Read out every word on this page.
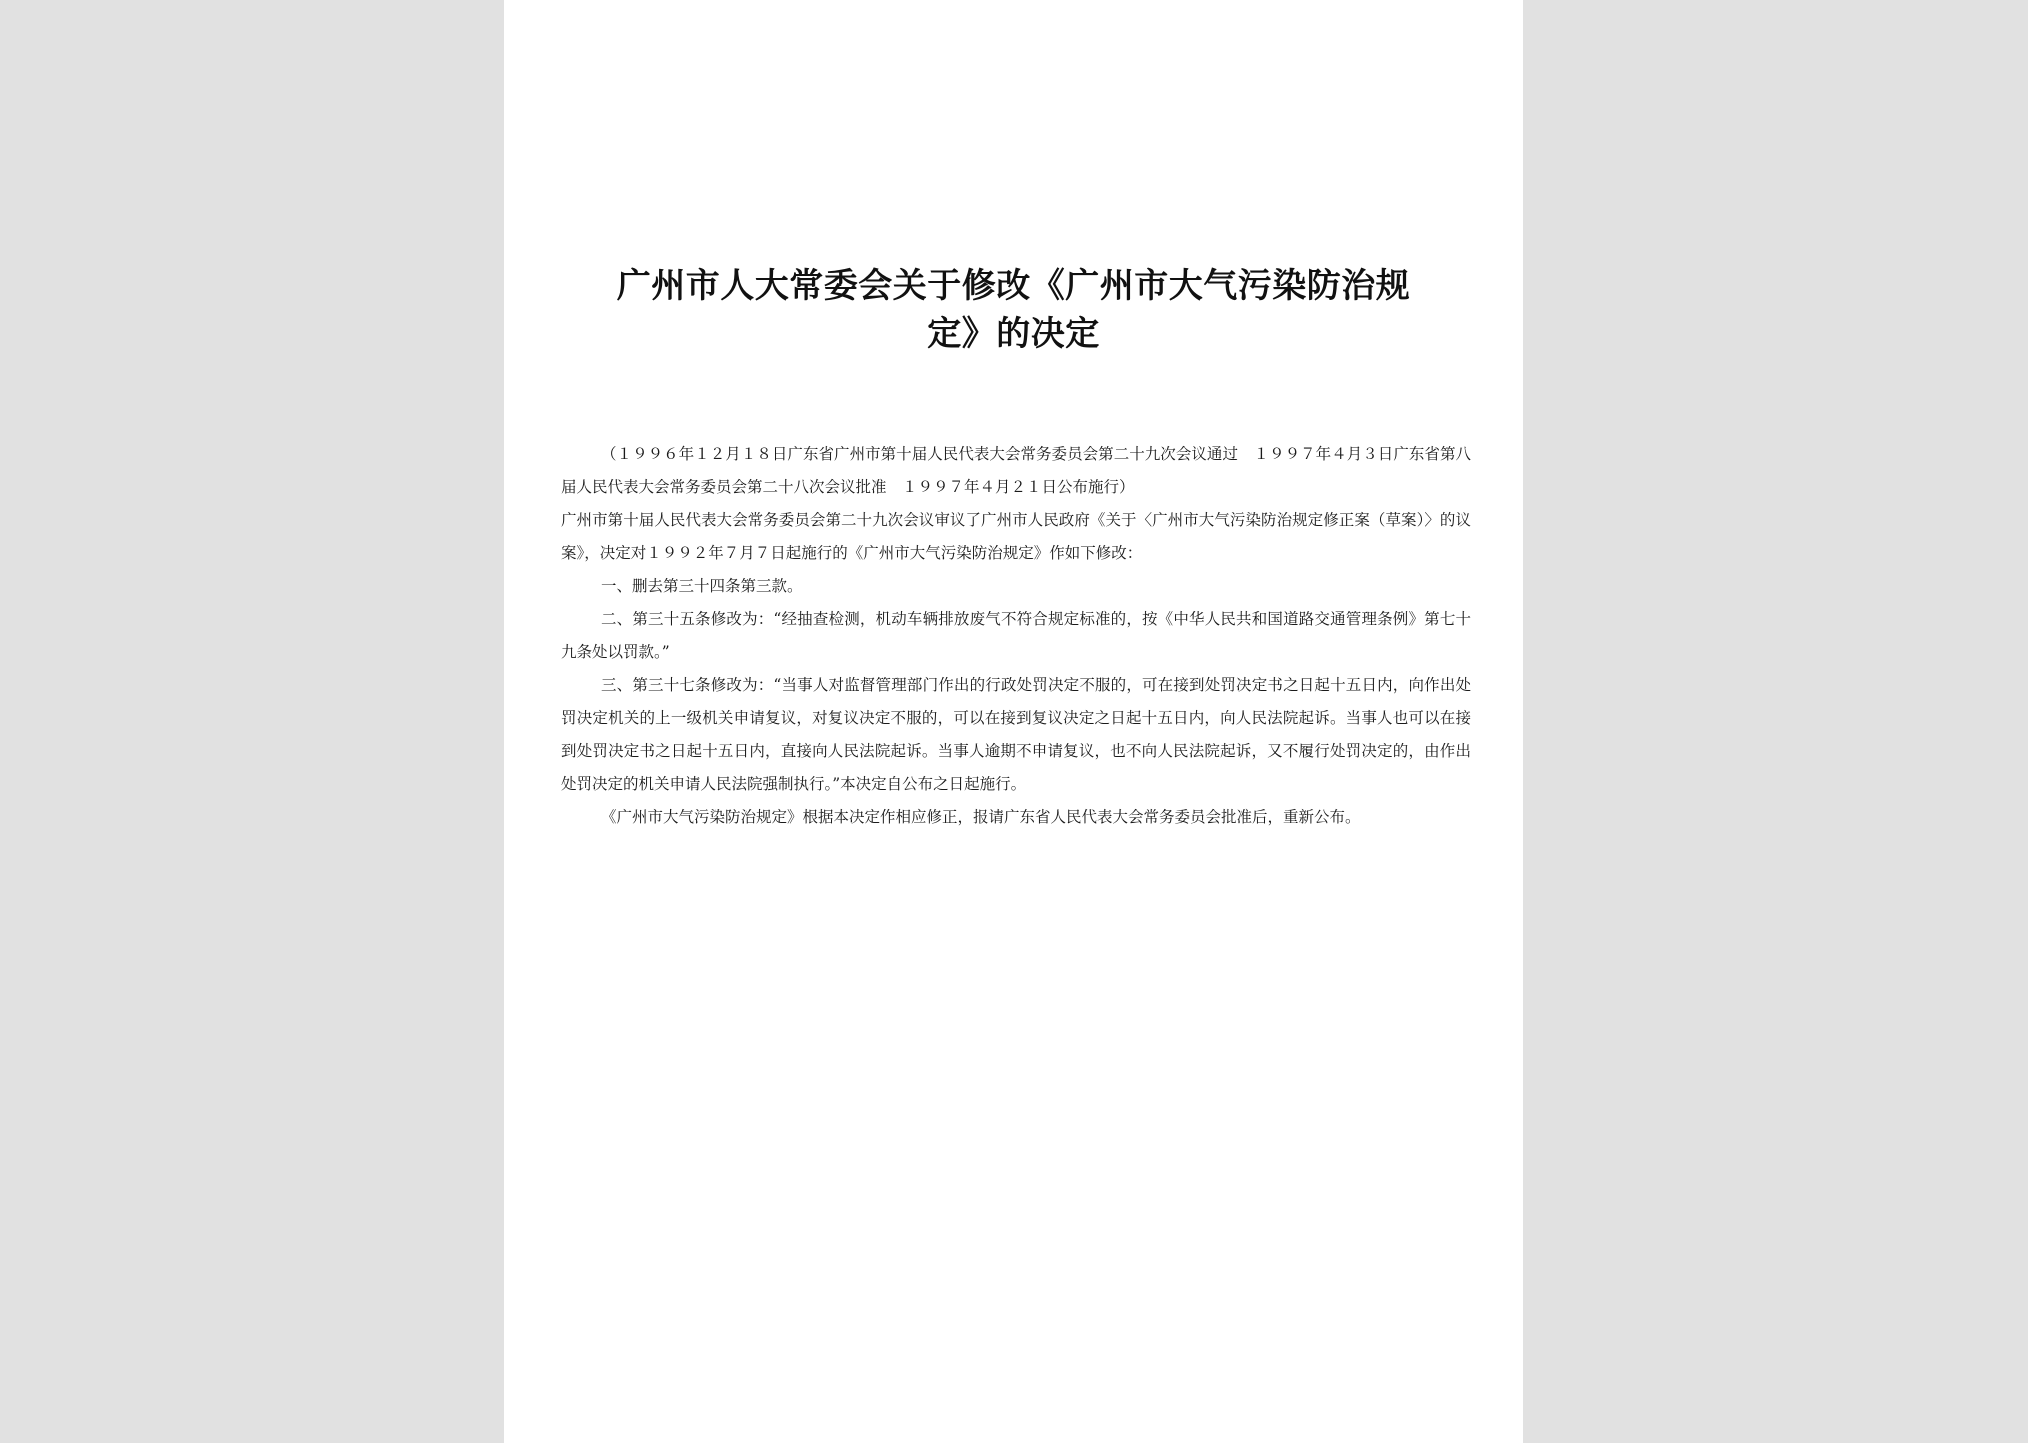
广州市人大常委会关于修改《广州市大气污染防治规
定》的决定

（１９９６年１２月１８日广东省广州市第十届人民代表大会常务委员会第二十九次会议通过　１９９７年４月３日广东省第八届人民代表大会常务委员会第二十八次会议批准　１９９７年４月２１日公布施行）

广州市第十届人民代表大会常务委员会第二十九次会议审议了广州市人民政府《关于〈广州市大气污染防治规定修正案（草案）〉的议案》，决定对１９９２年７月７日起施行的《广州市大气污染防治规定》作如下修改：

一、删去第三十四条第三款。

二、第三十五条修改为：“经抽查检测，机动车辆排放废气不符合规定标准的，按《中华人民共和国道路交通管理条例》第七十九条处以罚款。”

三、第三十七条修改为：“当事人对监督管理部门作出的行政处罚决定不服的，可在接到处罚决定书之日起十五日内，向作出处罚决定机关的上一级机关申请复议，对复议决定不服的，可以在接到复议决定之日起十五日内，向人民法院起诉。当事人也可以在接到处罚决定书之日起十五日内，直接向人民法院起诉。当事人逾期不申请复议，也不向人民法院起诉，又不履行处罚决定的，由作出处罚决定的机关申请人民法院强制执行。”本决定自公布之日起施行。

《广州市大气污染防治规定》根据本决定作相应修正，报请广东省人民代表大会常务委员会批准后，重新公布。
